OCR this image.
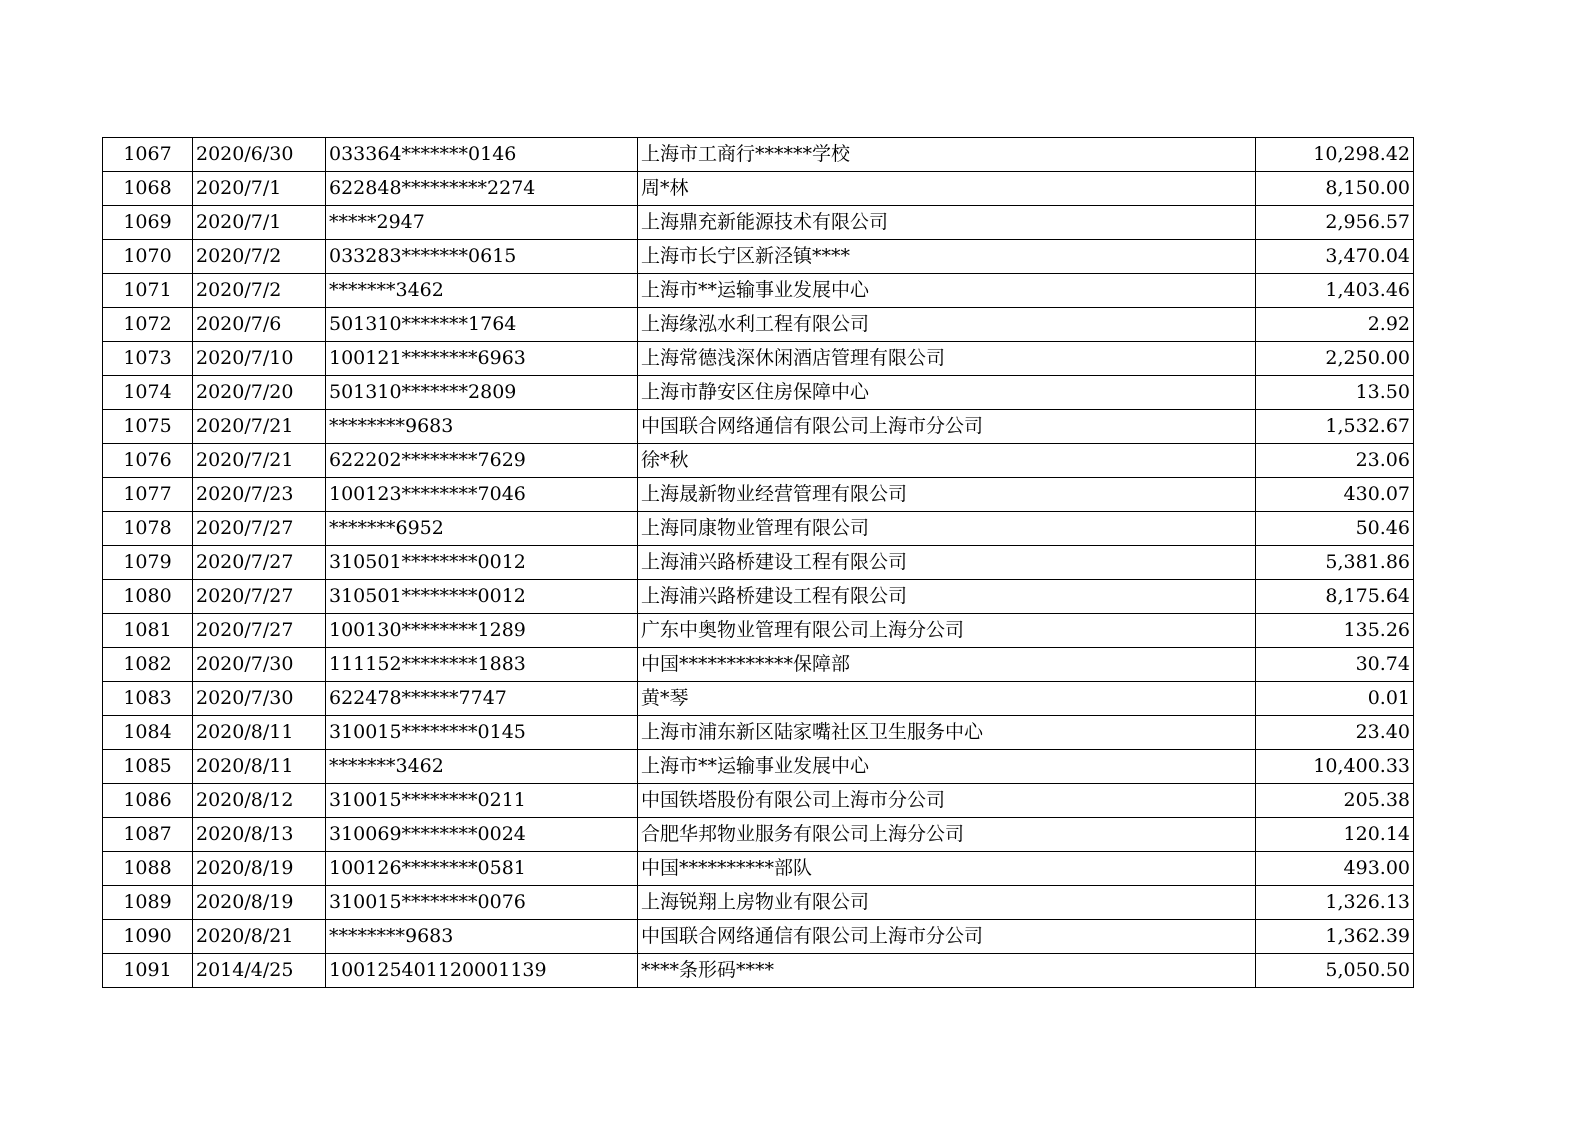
1067	2020/6/30	033364*******0146	上海市工商行******学校	10,298.42
1068	2020/7/1	622848*********2274	周*林	8,150.00
1069	2020/7/1	*****2947	上海鼎充新能源技术有限公司	2,956.57
1070	2020/7/2	033283*******0615	上海市长宁区新泾镇****	3,470.04
1071	2020/7/2	*******3462	上海市**运输事业发展中心	1,403.46
1072	2020/7/6	501310*******1764	上海缘泓水利工程有限公司	2.92
1073	2020/7/10	100121********6963	上海常德浅深休闲酒店管理有限公司	2,250.00
1074	2020/7/20	501310*******2809	上海市静安区住房保障中心	13.50
1075	2020/7/21	********9683	中国联合网络通信有限公司上海市分公司	1,532.67
1076	2020/7/21	622202********7629	徐*秋	23.06
1077	2020/7/23	100123********7046	上海晟新物业经营管理有限公司	430.07
1078	2020/7/27	*******6952	上海同康物业管理有限公司	50.46
1079	2020/7/27	310501********0012	上海浦兴路桥建设工程有限公司	5,381.86
1080	2020/7/27	310501********0012	上海浦兴路桥建设工程有限公司	8,175.64
1081	2020/7/27	100130********1289	广东中奥物业管理有限公司上海分公司	135.26
1082	2020/7/30	111152********1883	中国************保障部	30.74
1083	2020/7/30	622478******7747	黄*琴	0.01
1084	2020/8/11	310015********0145	上海市浦东新区陆家嘴社区卫生服务中心	23.40
1085	2020/8/11	*******3462	上海市**运输事业发展中心	10,400.33
1086	2020/8/12	310015********0211	中国铁塔股份有限公司上海市分公司	205.38
1087	2020/8/13	310069********0024	合肥华邦物业服务有限公司上海分公司	120.14
1088	2020/8/19	100126********0581	中国**********部队	493.00
1089	2020/8/19	310015********0076	上海锐翔上房物业有限公司	1,326.13
1090	2020/8/21	********9683	中国联合网络通信有限公司上海市分公司	1,362.39
1091	2014/4/25	100125401120001139	****条形码****	5,050.50
